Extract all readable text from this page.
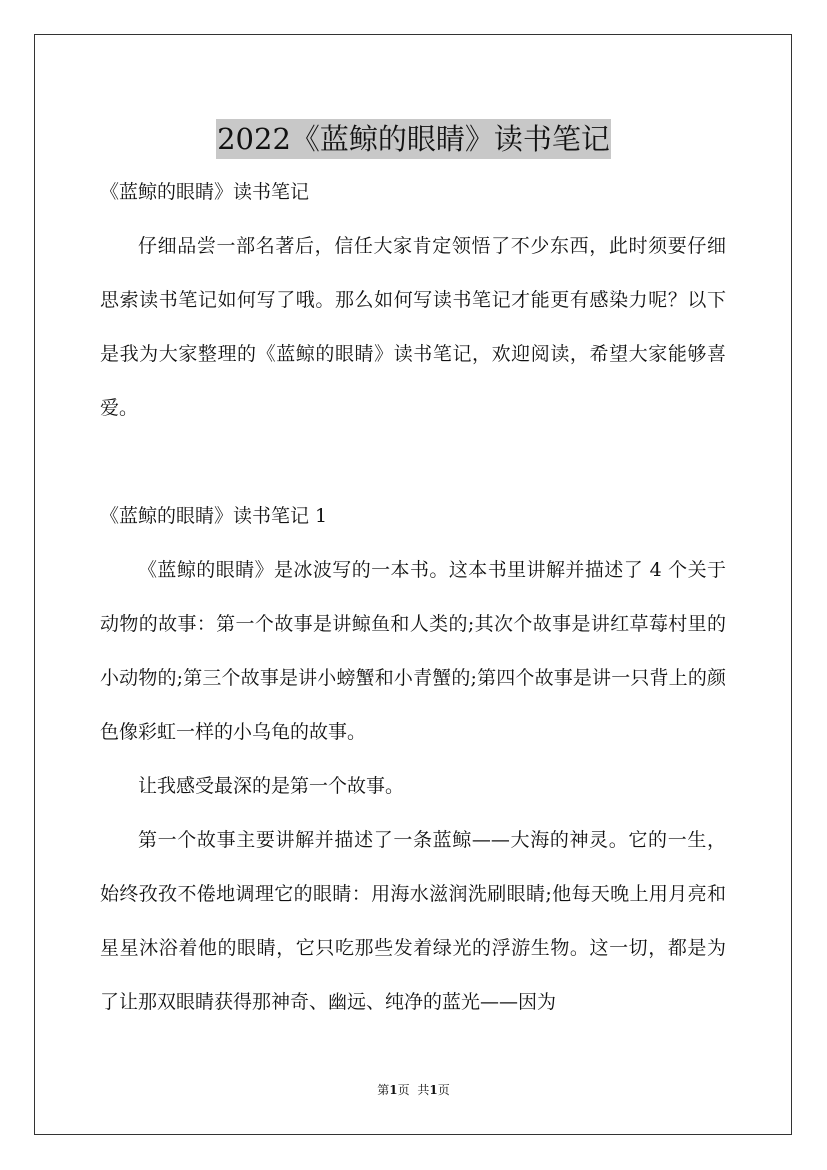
2022《蓝鲸的眼睛》读书笔记

《蓝鲸的眼睛》读书笔记

仔细品尝一部名著后，信任大家肯定领悟了不少东西，此时须要仔细思索读书笔记如何写了哦。那么如何写读书笔记才能更有感染力呢？以下是我为大家整理的《蓝鲸的眼睛》读书笔记，欢迎阅读，希望大家能够喜爱。

《蓝鲸的眼睛》读书笔记 1

《蓝鲸的眼睛》是冰波写的一本书。这本书里讲解并描述了 4 个关于动物的故事：第一个故事是讲鲸鱼和人类的;其次个故事是讲红草莓村里的小动物的;第三个故事是讲小螃蟹和小青蟹的;第四个故事是讲一只背上的颜色像彩虹一样的小乌龟的故事。

让我感受最深的是第一个故事。

第一个故事主要讲解并描述了一条蓝鲸——大海的神灵。它的一生，始终孜孜不倦地调理它的眼睛：用海水滋润洗刷眼睛;他每天晚上用月亮和星星沐浴着他的眼睛，它只吃那些发着绿光的浮游生物。这一切，都是为了让那双眼睛获得那神奇、幽远、纯净的蓝光——因为

第1页 共1页
